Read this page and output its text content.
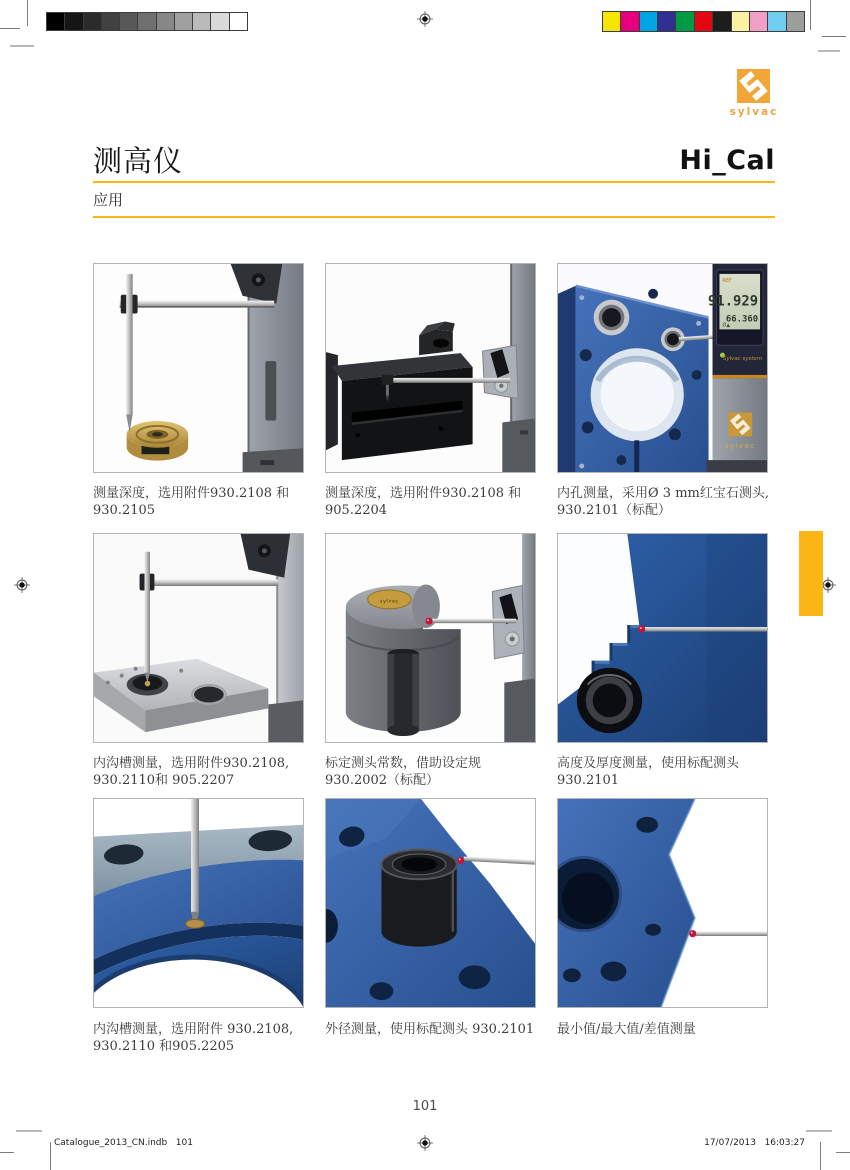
sylvac
测高仪	Hi_Cal
应用
REF
91.929
66.360
Ø▲
Sylvac system
sylvac
sylvac
测量深度，选用附件930.2108 和
930.2105
测量深度，选用附件930.2108 和
905.2204
内孔测量，采用Ø 3 mm红宝石测头,
930.2101（标配）
内沟槽测量，选用附件930.2108,
930.2110和 905.2207
标定测头常数，借助设定规
930.2002（标配）
高度及厚度测量，使用标配测头
930.2101
内沟槽测量，选用附件 930.2108,
930.2110 和905.2205
外径测量，使用标配测头 930.2101	最小值/最大值/差值测量
101
Catalogue_2013_CN.indb   101	17/07/2013   16:03:27
